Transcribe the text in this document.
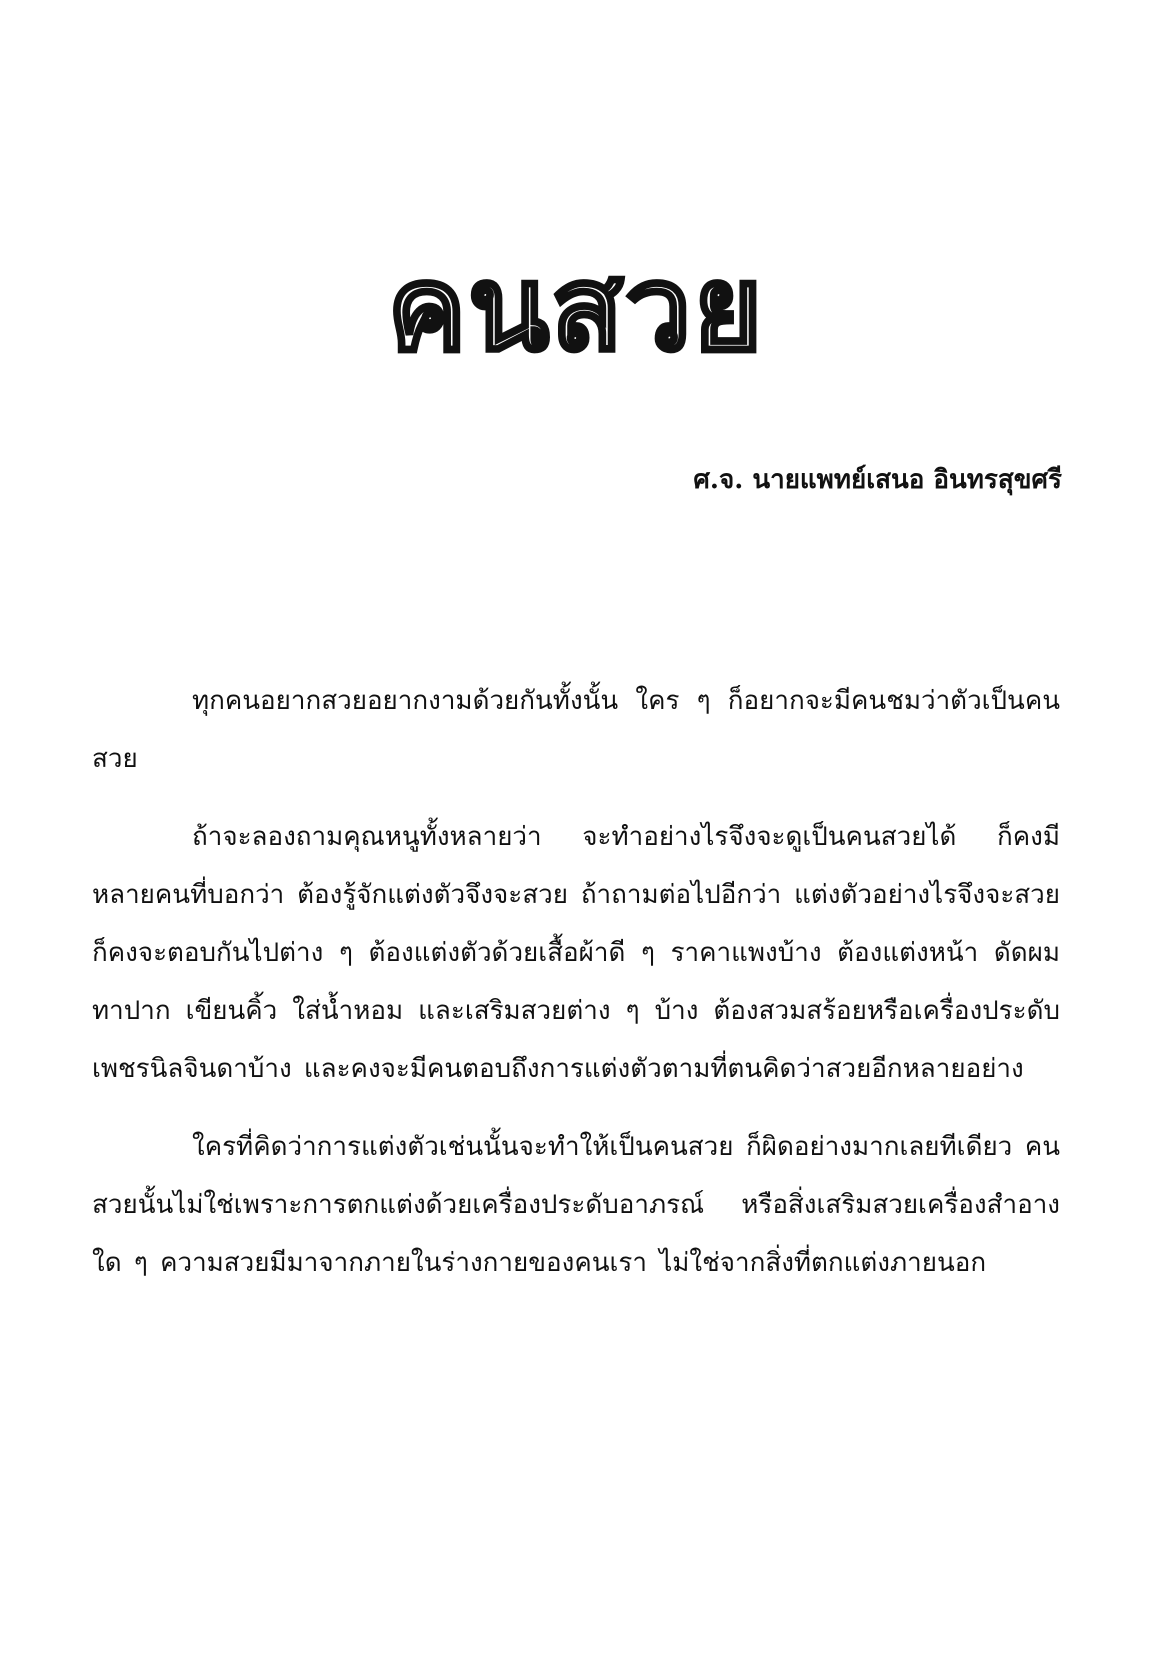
คนสวย
ศ.จ. นายแพทย์เสนอ อินทรสุขศรี

ทุกคนอยากสวยอยากงามด้วยกันทั้งนั้น ใคร ๆ ก็อยากจะมีคนชมว่าตัวเป็นคนสวย

ถ้าจะลองถามคุณหนูทั้งหลายว่า จะทำอย่างไรจึงจะดูเป็นคนสวยได้ ก็คงมีหลายคนที่บอกว่า ต้องรู้จักแต่งตัวจึงจะสวย ถ้าถามต่อไปอีกว่า แต่งตัวอย่างไรจึงจะสวย ก็คงจะตอบกันไปต่าง ๆ ต้องแต่งตัวด้วยเสื้อผ้าดี ๆ ราคาแพงบ้าง ต้องแต่งหน้า ดัดผม ทาปาก เขียนคิ้ว ใส่น้ำหอม และเสริมสวยต่าง ๆ บ้าง ต้องสวมสร้อยหรือเครื่องประดับเพชรนิลจินดาบ้าง และคงจะมีคนตอบถึงการแต่งตัวตามที่ตนคิดว่าสวยอีกหลายอย่าง

ใครที่คิดว่าการแต่งตัวเช่นนั้นจะทำให้เป็นคนสวย ก็ผิดอย่างมากเลยทีเดียว คนสวยนั้นไม่ใช่เพราะการตกแต่งด้วยเครื่องประดับอาภรณ์ หรือสิ่งเสริมสวยเครื่องสำอางใด ๆ ความสวยมีมาจากภายในร่างกายของคนเรา ไม่ใช่จากสิ่งที่ตกแต่งภายนอก
